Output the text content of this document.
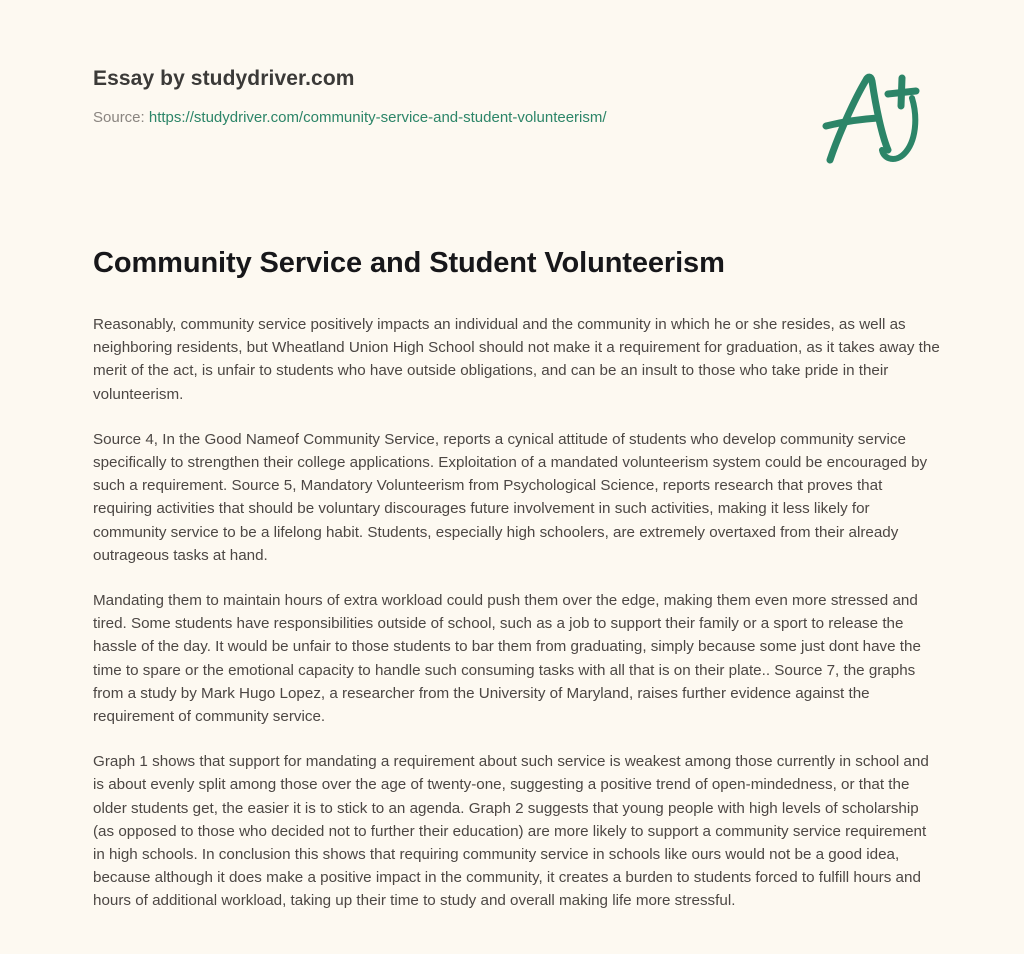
Essay by studydriver.com
Source: https://studydriver.com/community-service-and-student-volunteerism/
Community Service and Student Volunteerism

Reasonably, community service positively impacts an individual and the community in which he or she resides, as well as neighboring residents, but Wheatland Union High School should not make it a requirement for graduation, as it takes away the merit of the act, is unfair to students who have outside obligations, and can be an insult to those who take pride in their volunteerism.

Source 4, In the Good Nameof Community Service, reports a cynical attitude of students who develop community service specifically to strengthen their college applications. Exploitation of a mandated volunteerism system could be encouraged by such a requirement. Source 5, Mandatory Volunteerism from Psychological Science, reports research that proves that requiring activities that should be voluntary discourages future involvement in such activities, making it less likely for community service to be a lifelong habit. Students, especially high schoolers, are extremely overtaxed from their already outrageous tasks at hand.

Mandating them to maintain hours of extra workload could push them over the edge, making them even more stressed and tired. Some students have responsibilities outside of school, such as a job to support their family or a sport to release the hassle of the day. It would be unfair to those students to bar them from graduating, simply because some just dont have the time to spare or the emotional capacity to handle such consuming tasks with all that is on their plate.. Source 7, the graphs from a study by Mark Hugo Lopez, a researcher from the University of Maryland, raises further evidence against the requirement of community service.

Graph 1 shows that support for mandating a requirement about such service is weakest among those currently in school and is about evenly split among those over the age of twenty-one, suggesting a positive trend of open-mindedness, or that the older students get, the easier it is to stick to an agenda. Graph 2 suggests that young people with high levels of scholarship (as opposed to those who decided not to further their education) are more likely to support a community service requirement in high schools. In conclusion this shows that requiring community service in schools like ours would not be a good idea, because although it does make a positive impact in the community, it creates a burden to students forced to fulfill hours and hours of additional workload, taking up their time to study and overall making life more stressful.
